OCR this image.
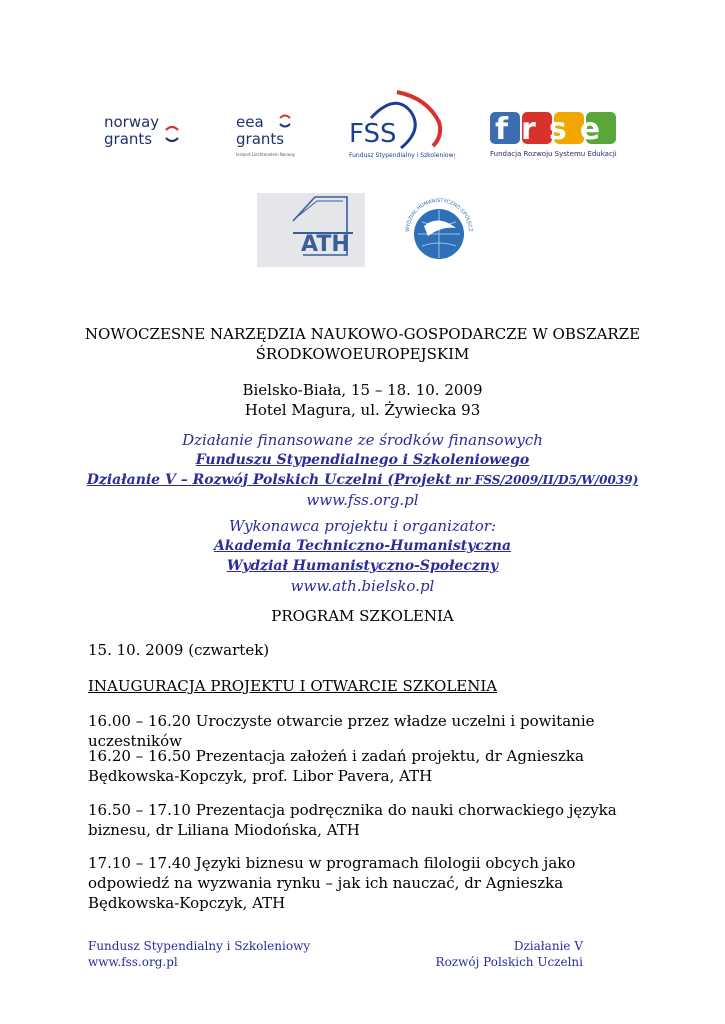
norway
grants
eea
grants
Iceland Liechtenstein Norway
FSS
Fundusz Stypendialny i Szkoleniowy
frse
Fundacja Rozwoju Systemu Edukacji
ATH
WYDZIAŁ HUMANISTYCZNO-SPOŁECZ
NOWOCZESNE NARZĘDZIA NAUKOWO-GOSPODARCZE W OBSZARZE
ŚRODKOWOEUROPEJSKIM
Bielsko-Biała, 15 – 18. 10. 2009
Hotel Magura, ul. Żywiecka 93
Działanie finansowane ze środków finansowych
Funduszu Stypendialnego i Szkoleniowego
Działanie V – Rozwój Polskich Uczelni (Projekt nr FSS/2009/II/D5/W/0039)
www.fss.org.pl
Wykonawca projektu i organizator:
Akademia Techniczno-Humanistyczna
Wydział Humanistyczno-Społeczny
www.ath.bielsko.pl
PROGRAM SZKOLENIA
15. 10. 2009 (czwartek)
INAUGURACJA PROJEKTU I OTWARCIE SZKOLENIA
16.00 – 16.20 Uroczyste otwarcie przez władze uczelni i powitanie uczestników
16.20 – 16.50 Prezentacja założeń i zadań projektu, dr Agnieszka Będkowska-Kopczyk, prof. Libor Pavera, ATH
16.50 – 17.10 Prezentacja podręcznika do nauki chorwackiego języka biznesu, dr Liliana Miodońska, ATH
17.10 – 17.40 Języki biznesu w programach filologii obcych jako odpowiedź na wyzwania rynku – jak ich nauczać, dr Agnieszka Będkowska-Kopczyk, ATH
Fundusz Stypendialny i Szkoleniowy
www.fss.org.pl
Działanie V
Rozwój Polskich Uczelni
